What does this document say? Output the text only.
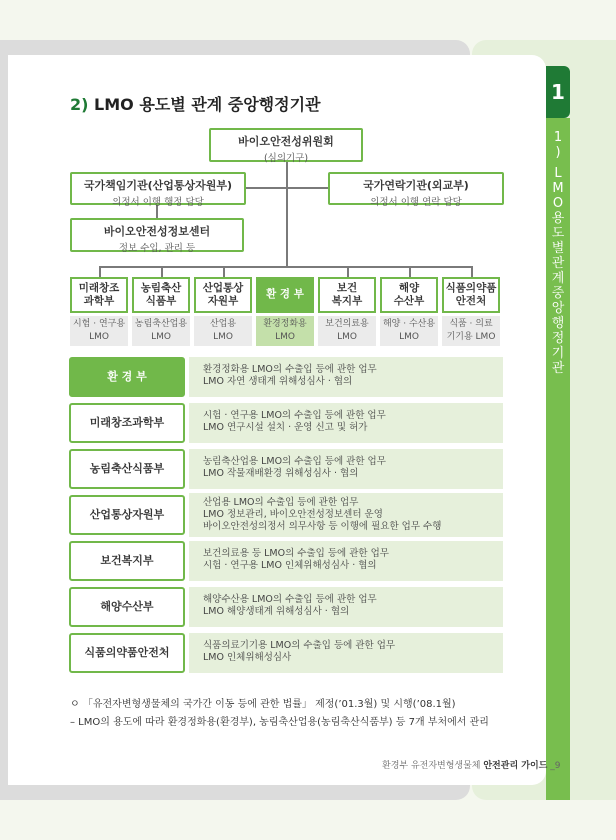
1
1
)
L
M
O
용
도
별
관
계
중
앙
행
정
기
관
2) LMO 용도별 관계 중앙행정기관
바이오안전성위원회
(심의기구)
국가책임기관(산업통상자원부)
의정서 이행 행정 담당
국가연락기관(외교부)
의정서 이행 연락 담당
바이오안전성정보센터
정보 수입, 관리 등
미래창조
과학부
시험 · 연구용
LMO
농림축산
식품부
농림축산업용
LMO
산업통상
자원부
산업용
LMO
환 경 부
환경정화용
LMO
보건
복지부
보건의료용
LMO
해양
수산부
해양 · 수산용
LMO
식품의약품
안전처
식품 · 의료
기기용 LMO
환 경 부
환경정화용 LMO의 수출입 등에 관한 업무
LMO 자연 생태계 위해성심사 · 협의
미래창조과학부
시험 · 연구용 LMO의 수출입 등에 관한 업무
LMO 연구시설 설치 · 운영 신고 및 허가
농림축산식품부
농림축산업용 LMO의 수출입 등에 관한 업무
LMO 작물재배환경 위해성심사 · 협의
산업통상자원부
산업용 LMO의 수출입 등에 관한 업무
LMO 정보관리, 바이오안전성정보센터 운영
바이오안전성의정서 의무사항 등 이행에 필요한 업무 수행
보건복지부
보건의료용 등 LMO의 수출입 등에 관한 업무
시험 · 연구용 LMO 인체위해성심사 · 협의
해양수산부
해양수산용 LMO의 수출입 등에 관한 업무
LMO 해양생태계 위해성심사 · 협의
식품의약품안전처
식품의료기기용 LMO의 수출입 등에 관한 업무
LMO 인체위해성심사
ㅇ 「유전자변형생물체의 국가간 이동 등에 관한 법률」 제정(’01.3월) 및 시행(’08.1월)
– LMO의 용도에 따라 환경정화용(환경부), 농림축산업용(농림축산식품부) 등 7개 부처에서 관리
환경부 유전자변형생물체 안전관리 가이드 _9
